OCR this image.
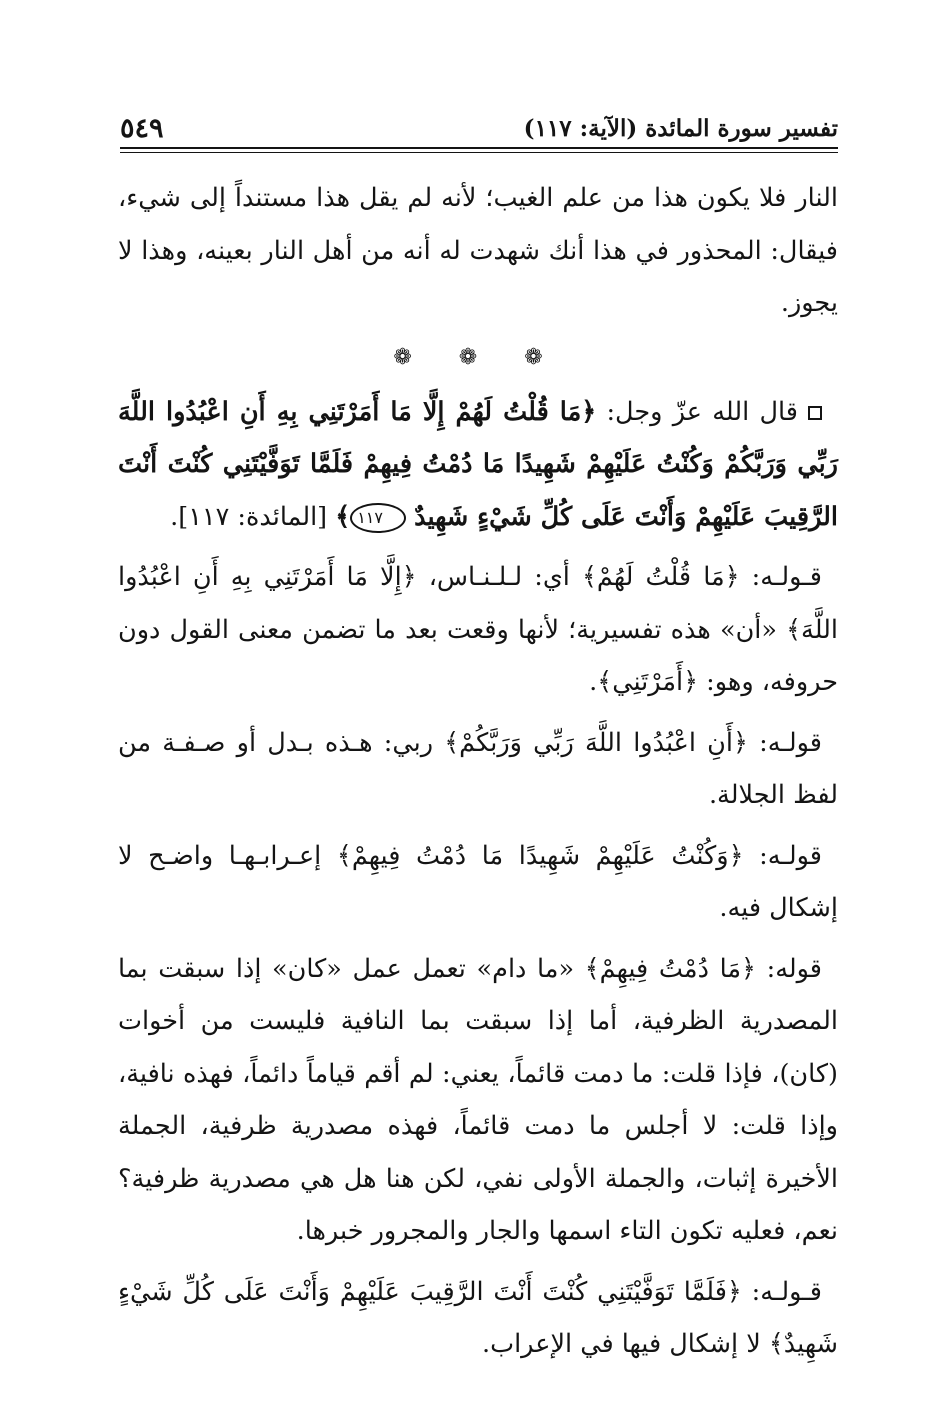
تفسير سورة المائدة (الآية: ١١٧)
٥٤٩

النار فلا يكون هذا من علم الغيب؛ لأنه لم يقل هذا مستنداً إلى شيء، فيقال: المحذور في هذا أنك شهدت له أنه من أهل النار بعينه، وهذا لا يجوز.

❁ ❁ ❁

قال الله عزّ وجل: ﴿مَا قُلْتُ لَهُمْ إِلَّا مَا أَمَرْتَنِي بِهِ أَنِ اعْبُدُوا اللَّهَ رَبِّي وَرَبَّكُمْ وَكُنْتُ عَلَيْهِمْ شَهِيدًا مَا دُمْتُ فِيهِمْ فَلَمَّا تَوَفَّيْتَنِي كُنْتَ أَنْتَ الرَّقِيبَ عَلَيْهِمْ وَأَنْتَ عَلَى كُلِّ شَيْءٍ شَهِيدٌ ١١٧﴾ [المائدة: ١١٧].

قـولـه: ﴿مَا قُلْتُ لَهُمْ﴾ أي: لـلـنـاس، ﴿إِلَّا مَا أَمَرْتَنِي بِهِ أَنِ اعْبُدُوا اللَّهَ﴾ «أن» هذه تفسيرية؛ لأنها وقعت بعد ما تضمن معنى القول دون حروفه، وهو: ﴿أَمَرْتَنِي﴾.

قولـه: ﴿أَنِ اعْبُدُوا اللَّهَ رَبِّي وَرَبَّكُمْ﴾ ربي: هـذه بـدل أو صـفـة من لفظ الجلالة.

قولـه: ﴿وَكُنْتُ عَلَيْهِمْ شَهِيدًا مَا دُمْتُ فِيهِمْ﴾ إعـرابـهـا واضـح لا إشكال فيه.

قوله: ﴿مَا دُمْتُ فِيهِمْ﴾ «ما دام» تعمل عمل «كان» إذا سبقت بما المصدرية الظرفية، أما إذا سبقت بما النافية فليست من أخوات (كان)، فإذا قلت: ما دمت قائماً، يعني: لم أقم قياماً دائماً، فهذه نافية، وإذا قلت: لا أجلس ما دمت قائماً، فهذه مصدرية ظرفية، الجملة الأخيرة إثبات، والجملة الأولى نفي، لكن هنا هل هي مصدرية ظرفية؟ نعم، فعليه تكون التاء اسمها والجار والمجرور خبرها.

قـولـه: ﴿فَلَمَّا تَوَفَّيْتَنِي كُنْتَ أَنْتَ الرَّقِيبَ عَلَيْهِمْ وَأَنْتَ عَلَى كُلِّ شَيْءٍ شَهِيدٌ﴾ لا إشكال فيها في الإعراب.
